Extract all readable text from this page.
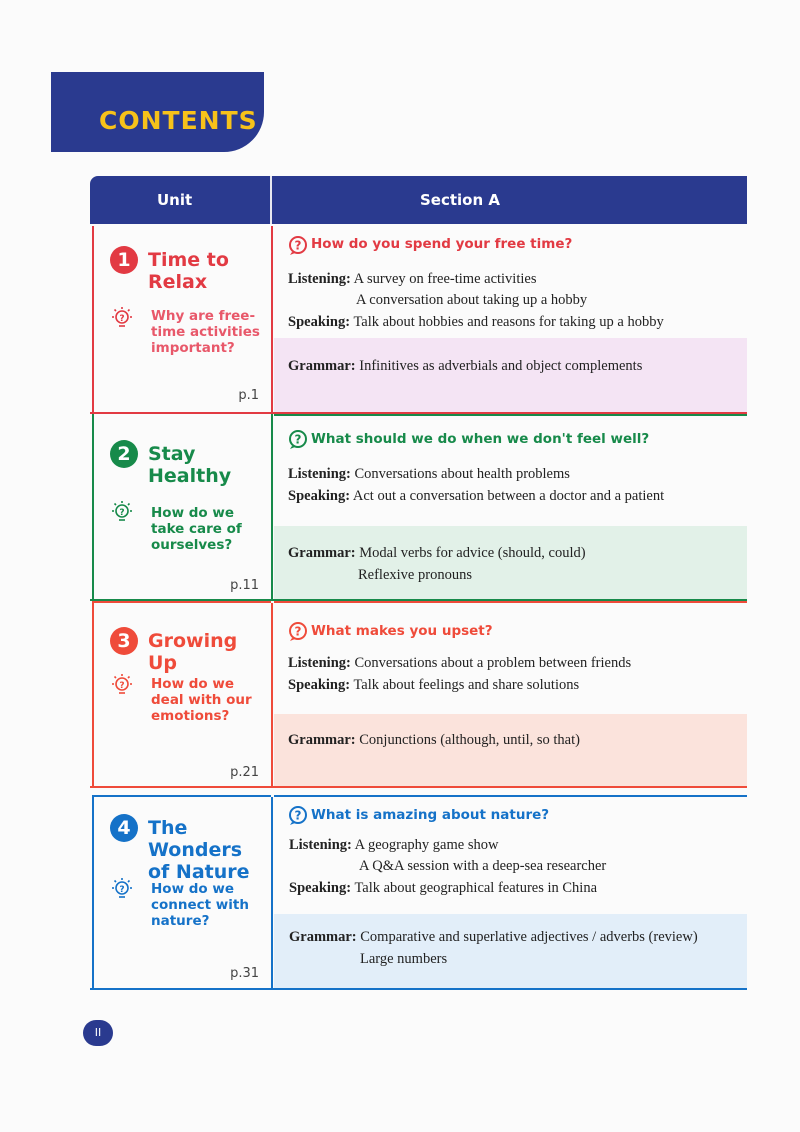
CONTENTS
Unit	Section A
? How do you spend your free time?
Listening: A survey on free-time activities
A conversation about taking up a hobby
Speaking: Talk about hobbies and reasons for taking up a hobby
Grammar: Infinitives as adverbials and object complements
1 Time to
Relax
? Why are free-
time activities
important?
p.1
? What should we do when we don't feel well?
Listening: Conversations about health problems
Speaking: Act out a conversation between a doctor and a patient
Grammar: Modal verbs for advice (should, could)
Reflexive pronouns
2 Stay
Healthy
? How do we
take care of
ourselves?
p.11
? What makes you upset?
Listening: Conversations about a problem between friends
Speaking: Talk about feelings and share solutions
Grammar: Conjunctions (although, until, so that)
3 Growing Up
? How do we
deal with our
emotions?
p.21
? What is amazing about nature?
Listening: A geography game show
A Q&A session with a deep-sea researcher
Speaking: Talk about geographical features in China
Grammar: Comparative and superlative adjectives / adverbs (review)
Large numbers
4 The Wonders
of Nature
? How do we
connect with
nature?
p.31
II
